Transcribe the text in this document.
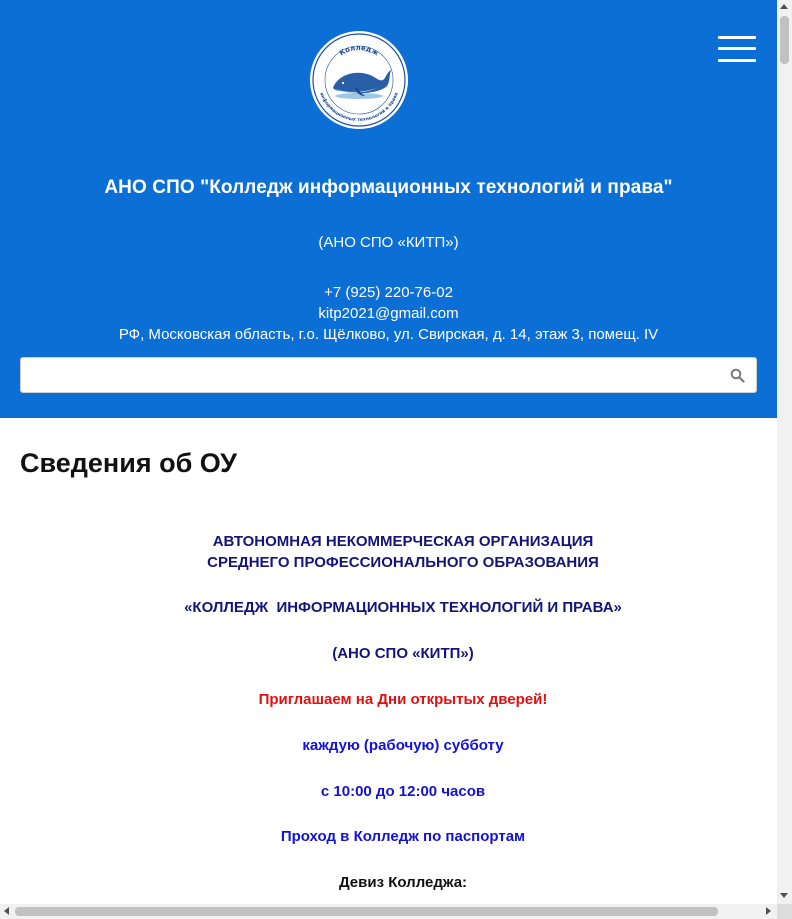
Колледж
информационных технологий и права
АНО СПО "Колледж информационных технологий и права"
(АНО СПО «КИТП»)
+7 (925) 220-76-02
kitp2021@gmail.com
РФ, Московская область, г.о. Щёлково, ул. Свирская, д. 14, этаж 3, помещ. IV
Сведения об ОУ
АВТОНОМНАЯ НЕКОММЕРЧЕСКАЯ ОРГАНИЗАЦИЯ
СРЕДНЕГО ПРОФЕССИОНАЛЬНОГО ОБРАЗОВАНИЯ
«КОЛЛЕДЖ  ИНФОРМАЦИОННЫХ ТЕХНОЛОГИЙ И ПРАВА»
(АНО СПО «КИТП»)
Приглашаем на Дни открытых дверей!
каждую (рабочую) субботу
с 10:00 до 12:00 часов
Проход в Колледж по паспортам
Девиз Колледжа:
